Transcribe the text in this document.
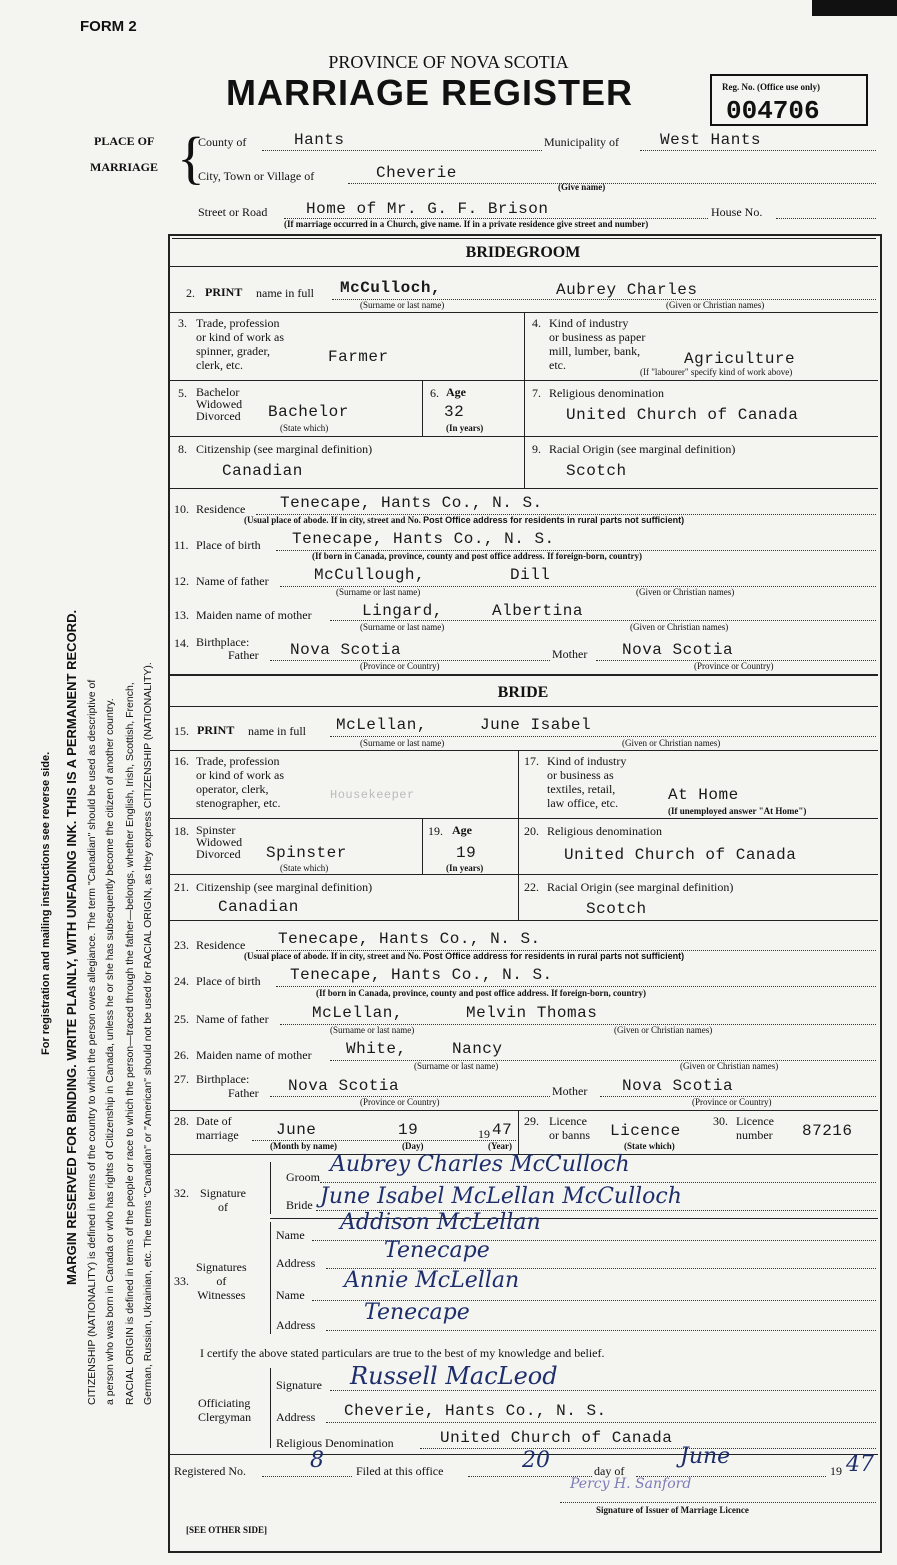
FORM 2
PROVINCE OF NOVA SCOTIA
MARRIAGE REGISTER	Reg. No. (Office use only)
004706
For registration and mailing instructions see reverse side. MARGIN RESERVED FOR BINDING. WRITE PLAINLY, WITH UNFADING INK. THIS IS A PERMANENT RECORD. CITIZENSHIP (NATIONALITY) is defined in terms of the country to which the person owes allegiance. The term "Canadian" should be used as descriptive of a person who was born in Canada or who has rights of Citizenship in Canada, unless he or she has subsequently become the citizen of another country. RACIAL ORIGIN is defined in terms of the people or race to which the person—traced through the father—belongs, whether English, Irish, Scottish, French, German, Russian, Ukrainian, etc. The terms "Canadian" or "American" should not be used for RACIAL ORIGIN, as they express CITIZENSHIP (NATIONALITY).
PLACE OF
MARRIAGE {
County of	Hants	Municipality of	West Hants
City, Town or Village of	Cheverie
(Give name)
Street or Road Home of Mr. G. F. Brison	House No.
(If marriage occurred in a Church, give name. If in a private residence give street and number)
BRIDEGROOM
2. PRINT name in full McCulloch,	Aubrey Charles
(Surname or last name)	(Given or Christian names)
3. Trade, profession
or kind of work as
spinner, grader,
clerk, etc.	Farmer
4. Kind of industry
or business as paper
mill, lumber, bank,
etc.	Agriculture
(If "labourer" specify kind of work above)
5. Bachelor
Widowed
Divorced Bachelor
(State which)
6. Age
32
(In years)
7. Religious denomination
United Church of Canada
8. Citizenship (see marginal definition)
Canadian
9. Racial Origin (see marginal definition)
Scotch
10. Residence Tenecape, Hants Co., N. S.
(Usual place of abode. If in city, street and No. Post Office address for residents in rural parts not sufficient)
11. Place of birth Tenecape, Hants Co., N. S.
(If born in Canada, province, county and post office address. If foreign-born, country)
12. Name of father	McCullough,	Dill
(Surname or last name)	(Given or Christian names)
13. Maiden name of mother	Lingard,	Albertina
(Surname or last name)	(Given or Christian names)
14. Birthplace:
Father Nova Scotia
(Province or Country)
Mother Nova Scotia
(Province or Country)
BRIDE
15. PRINT name in full McLellan,	June Isabel
(Surname or last name)	(Given or Christian names)
16. Trade, profession
or kind of work as
operator, clerk,
stenographer, etc.
Housekeeper
17. Kind of industry
or business as
textiles, retail,
law office, etc.	At Home
(If unemployed answer "At Home")
18. Spinster
Widowed
Divorced Spinster
(State which)
19. Age
19
(In years)
20. Religious denomination
United Church of Canada
21. Citizenship (see marginal definition)
Canadian
22. Racial Origin (see marginal definition)
Scotch
23. Residence Tenecape, Hants Co., N. S.
(Usual place of abode. If in city, street and No. Post Office address for residents in rural parts not sufficient)
24. Place of birth Tenecape, Hants Co., N. S.
(If born in Canada, province, county and post office address. If foreign-born, country)
25. Name of father	McLellan,	Melvin Thomas
(Surname or last name)	(Given or Christian names)
26. Maiden name of mother White,	Nancy
(Surname or last name)	(Given or Christian names)
27. Birthplace:
Father Nova Scotia
(Province or Country)
Mother Nova Scotia
(Province or Country)
28. Date of
marriage June	19	19 47
(Month by name)	(Day)	(Year)
29. Licence
or banns Licence
(State which)
30. Licence
number 87216
32. Signature
of
Groom Aubrey Charles McCulloch
Bride June Isabel McLellan McCulloch
33.
Signatures
of
Witnesses
Name Addison McLellan
Address	Tenecape
Name
Annie McLellan
Address Tenecape
I certify the above stated particulars are true to the best of my knowledge and belief.
Officiating
Clergyman
Signature Russell MacLeod
Address Cheverie, Hants Co., N. S.
Religious Denomination	United Church of Canada
Registered No.	8	Filed at this office	20	day of
June
19 47
Percy H. Sanford
Signature of Issuer of Marriage Licence
[SEE OTHER SIDE]
